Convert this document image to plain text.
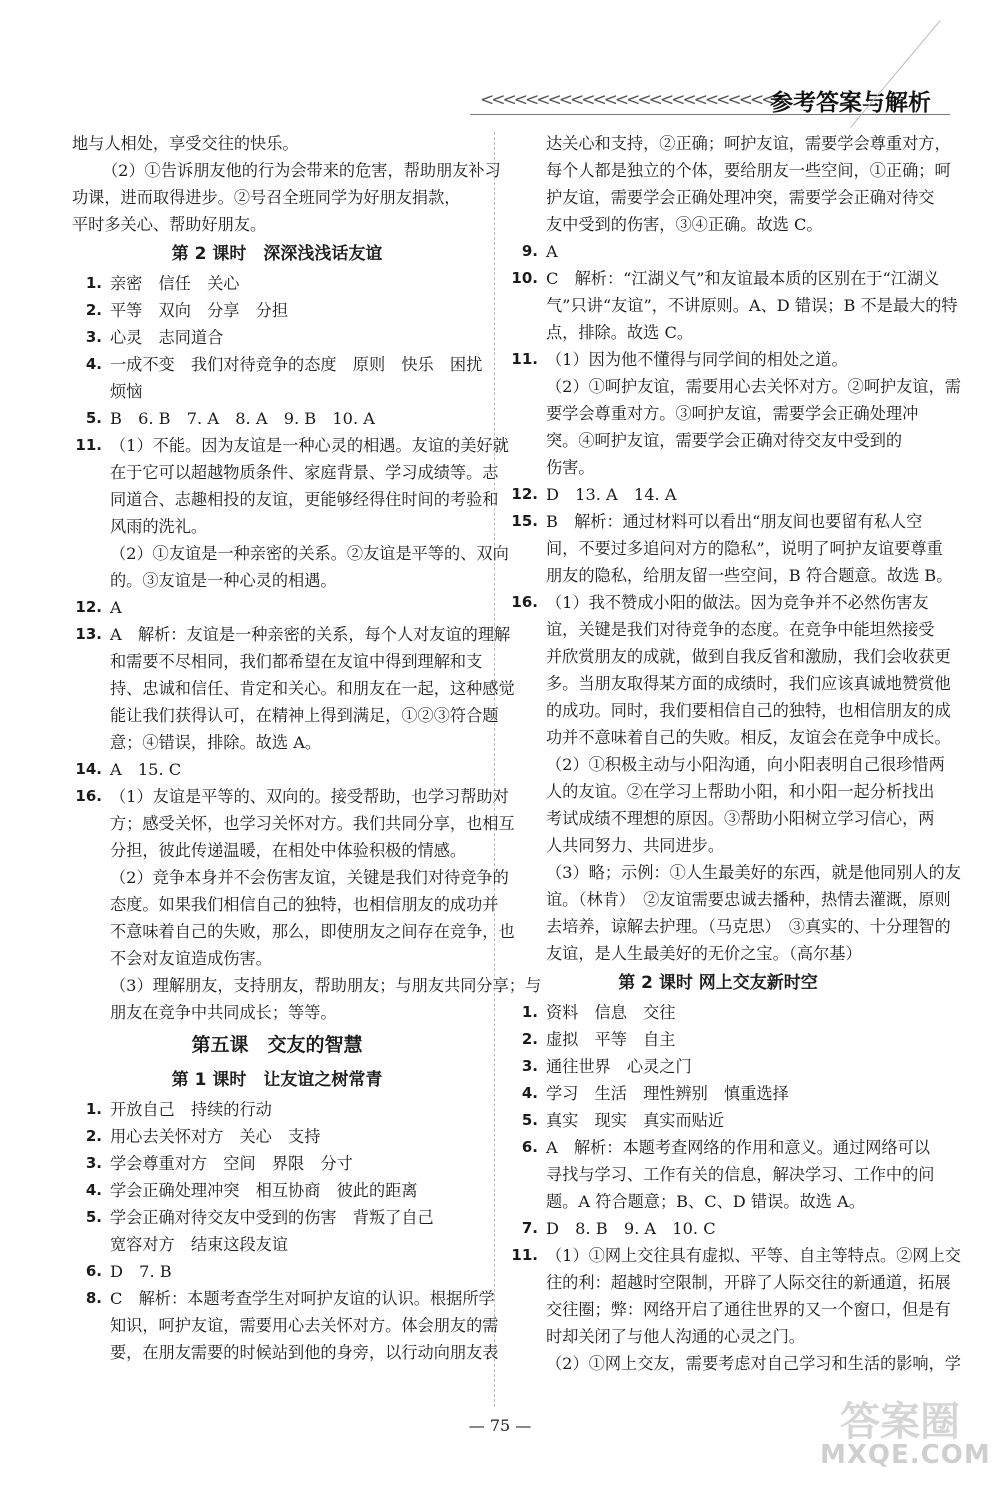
<<<<<<<<<<<<<<<<<<<<<<<<<<<
参考答案与解析
地与人相处，享受交往的快乐。
（2）①告诉朋友他的行为会带来的危害，帮助朋友补习
功课，进而取得进步。②号召全班同学为好朋友捐款，
平时多关心、帮助好朋友。
第 2 课时　深深浅浅话友谊
1. 亲密　信任　关心
2. 平等　双向　分享　分担
3. 心灵　志同道合
4. 一成不变　我们对待竞争的态度　原则　快乐　困扰
烦恼
5. B　6. B　7. A　8. A　9. B　10. A
11. （1）不能。因为友谊是一种心灵的相遇。友谊的美好就
在于它可以超越物质条件、家庭背景、学习成绩等。志
同道合、志趣相投的友谊，更能够经得住时间的考验和
风雨的洗礼。
（2）①友谊是一种亲密的关系。②友谊是平等的、双向
的。③友谊是一种心灵的相遇。
12. A
13. A　解析：友谊是一种亲密的关系，每个人对友谊的理解
和需要不尽相同，我们都希望在友谊中得到理解和支
持、忠诚和信任、肯定和关心。和朋友在一起，这种感觉
能让我们获得认可，在精神上得到满足，①②③符合题
意；④错误，排除。故选 A。
14. A　15. C
16. （1）友谊是平等的、双向的。接受帮助，也学习帮助对
方；感受关怀，也学习关怀对方。我们共同分享，也相互
分担，彼此传递温暖，在相处中体验积极的情感。
（2）竞争本身并不会伤害友谊，关键是我们对待竞争的
态度。如果我们相信自己的独特，也相信朋友的成功并
不意味着自己的失败，那么，即使朋友之间存在竞争，也
不会对友谊造成伤害。
（3）理解朋友，支持朋友，帮助朋友；与朋友共同分享；与
朋友在竞争中共同成长；等等。
第五课　交友的智慧
第 1 课时　让友谊之树常青
1. 开放自己　持续的行动
2. 用心去关怀对方　关心　支持
3. 学会尊重对方　空间　界限　分寸
4. 学会正确处理冲突　相互协商　彼此的距离
5. 学会正确对待交友中受到的伤害　背叛了自己
宽容对方　结束这段友谊
6. D　7. B
8. C　解析：本题考查学生对呵护友谊的认识。根据所学
知识，呵护友谊，需要用心去关怀对方。体会朋友的需
要，在朋友需要的时候站到他的身旁，以行动向朋友表
达关心和支持，②正确；呵护友谊，需要学会尊重对方，
每个人都是独立的个体，要给朋友一些空间，①正确；呵
护友谊，需要学会正确处理冲突，需要学会正确对待交
友中受到的伤害，③④正确。故选 C。
9. A
10. C　解析：“江湖义气”和友谊最本质的区别在于“江湖义
气”只讲“友谊”，不讲原则。A、D 错误；B 不是最大的特
点，排除。故选 C。
11. （1）因为他不懂得与同学间的相处之道。
（2）①呵护友谊，需要用心去关怀对方。②呵护友谊，需
要学会尊重对方。③呵护友谊，需要学会正确处理冲
突。④呵护友谊，需要学会正确对待交友中受到的
伤害。
12. D　13. A　14. A
15. B　解析：通过材料可以看出“朋友间也要留有私人空
间，不要过多追问对方的隐私”，说明了呵护友谊要尊重
朋友的隐私，给朋友留一些空间，B 符合题意。故选 B。
16. （1）我不赞成小阳的做法。因为竞争并不必然伤害友
谊，关键是我们对待竞争的态度。在竞争中能坦然接受
并欣赏朋友的成就，做到自我反省和激励，我们会收获更
多。当朋友取得某方面的成绩时，我们应该真诚地赞赏他
的成功。同时，我们要相信自己的独特，也相信朋友的成
功并不意味着自己的失败。相反，友谊会在竞争中成长。
（2）①积极主动与小阳沟通，向小阳表明自己很珍惜两
人的友谊。②在学习上帮助小阳，和小阳一起分析找出
考试成绩不理想的原因。③帮助小阳树立学习信心，两
人共同努力、共同进步。
（3）略；示例：①人生最美好的东西，就是他同别人的友
谊。（林肯）　②友谊需要忠诚去播种，热情去灌溉，原则
去培养，谅解去护理。（马克思）　③真实的、十分理智的
友谊，是人生最美好的无价之宝。（高尔基）
第 2 课时 网上交友新时空
1. 资料　信息　交往
2. 虚拟　平等　自主
3. 通往世界　心灵之门
4. 学习　生活　理性辨别　慎重选择
5. 真实　现实　真实而贴近
6. A　解析：本题考查网络的作用和意义。通过网络可以
寻找与学习、工作有关的信息，解决学习、工作中的问
题。A 符合题意；B、C、D 错误。故选 A。
7. D　8. B　9. A　10. C
11. （1）①网上交往具有虚拟、平等、自主等特点。②网上交
往的利：超越时空限制，开辟了人际交往的新通道，拓展
交往圈；弊：网络开启了通往世界的又一个窗口，但是有
时却关闭了与他人沟通的心灵之门。
（2）①网上交友，需要考虑对自己学习和生活的影响，学
— 75 —	答案圈
MXQE.COM
